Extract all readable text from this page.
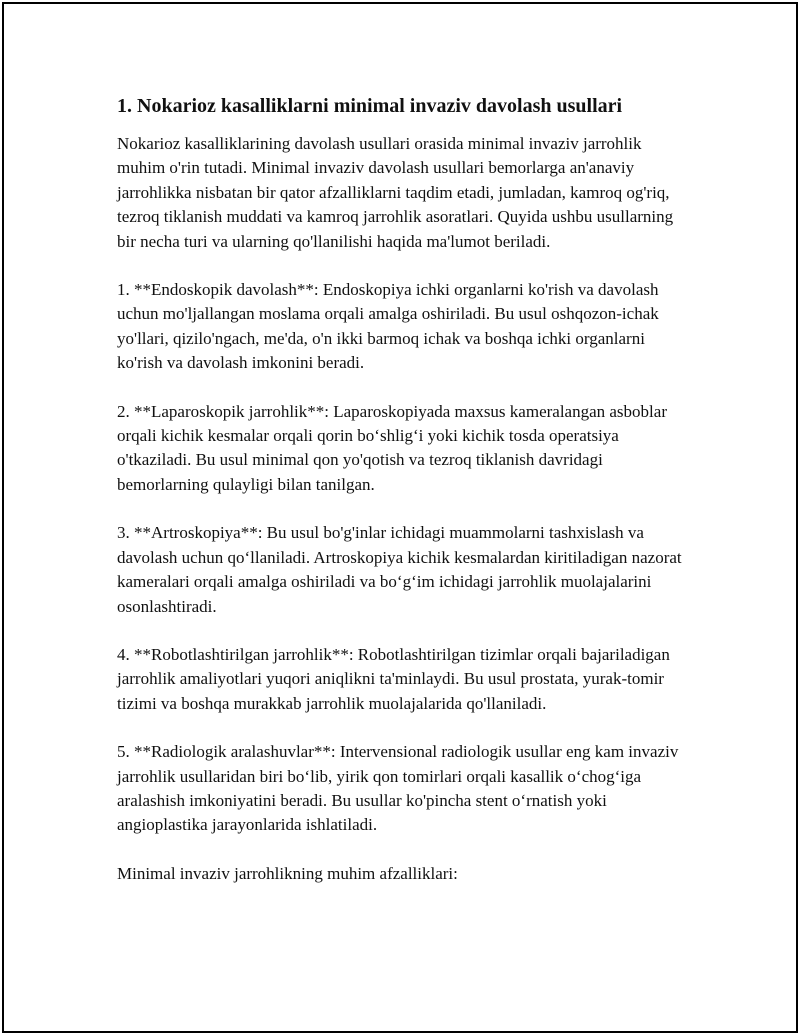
1. Nokarioz kasalliklarni minimal invaziv davolash usullari

Nokarioz kasalliklarining davolash usullari orasida minimal invaziv jarrohlik muhim o'rin tutadi. Minimal invaziv davolash usullari bemorlarga an'anaviy jarrohlikka nisbatan bir qator afzalliklarni taqdim etadi, jumladan, kamroq og'riq, tezroq tiklanish muddati va kamroq jarrohlik asoratlari. Quyida ushbu usullarning bir necha turi va ularning qo'llanilishi haqida ma'lumot beriladi.

1. **Endoskopik davolash**: Endoskopiya ichki organlarni ko'rish va davolash uchun mo'ljallangan moslama orqali amalga oshiriladi. Bu usul oshqozon-ichak yo'llari, qizilo'ngach, me'da, o'n ikki barmoq ichak va boshqa ichki organlarni ko'rish va davolash imkonini beradi.

2. **Laparoskopik jarrohlik**: Laparoskopiyada maxsus kameralangan asboblar orqali kichik kesmalar orqali qorin bo‘shlig‘i yoki kichik tosda operatsiya o'tkaziladi. Bu usul minimal qon yo'qotish va tezroq tiklanish davridagi bemorlarning qulayligi bilan tanilgan.

3. **Artroskopiya**: Bu usul bo'g'inlar ichidagi muammolarni tashxislash va davolash uchun qo‘llaniladi. Artroskopiya kichik kesmalardan kiritiladigan nazorat kameralari orqali amalga oshiriladi va bo‘g‘im ichidagi jarrohlik muolajalarini osonlashtiradi.

4. **Robotlashtirilgan jarrohlik**: Robotlashtirilgan tizimlar orqali bajariladigan jarrohlik amaliyotlari yuqori aniqlikni ta'minlaydi. Bu usul prostata, yurak-tomir tizimi va boshqa murakkab jarrohlik muolajalarida qo'llaniladi.

5. **Radiologik aralashuvlar**: Intervensional radiologik usullar eng kam invaziv jarrohlik usullaridan biri bo‘lib, yirik qon tomirlari orqali kasallik o‘chog‘iga aralashish imkoniyatini beradi. Bu usullar ko'pincha stent o‘rnatish yoki angioplastika jarayonlarida ishlatiladi.

Minimal invaziv jarrohlikning muhim afzalliklari:
